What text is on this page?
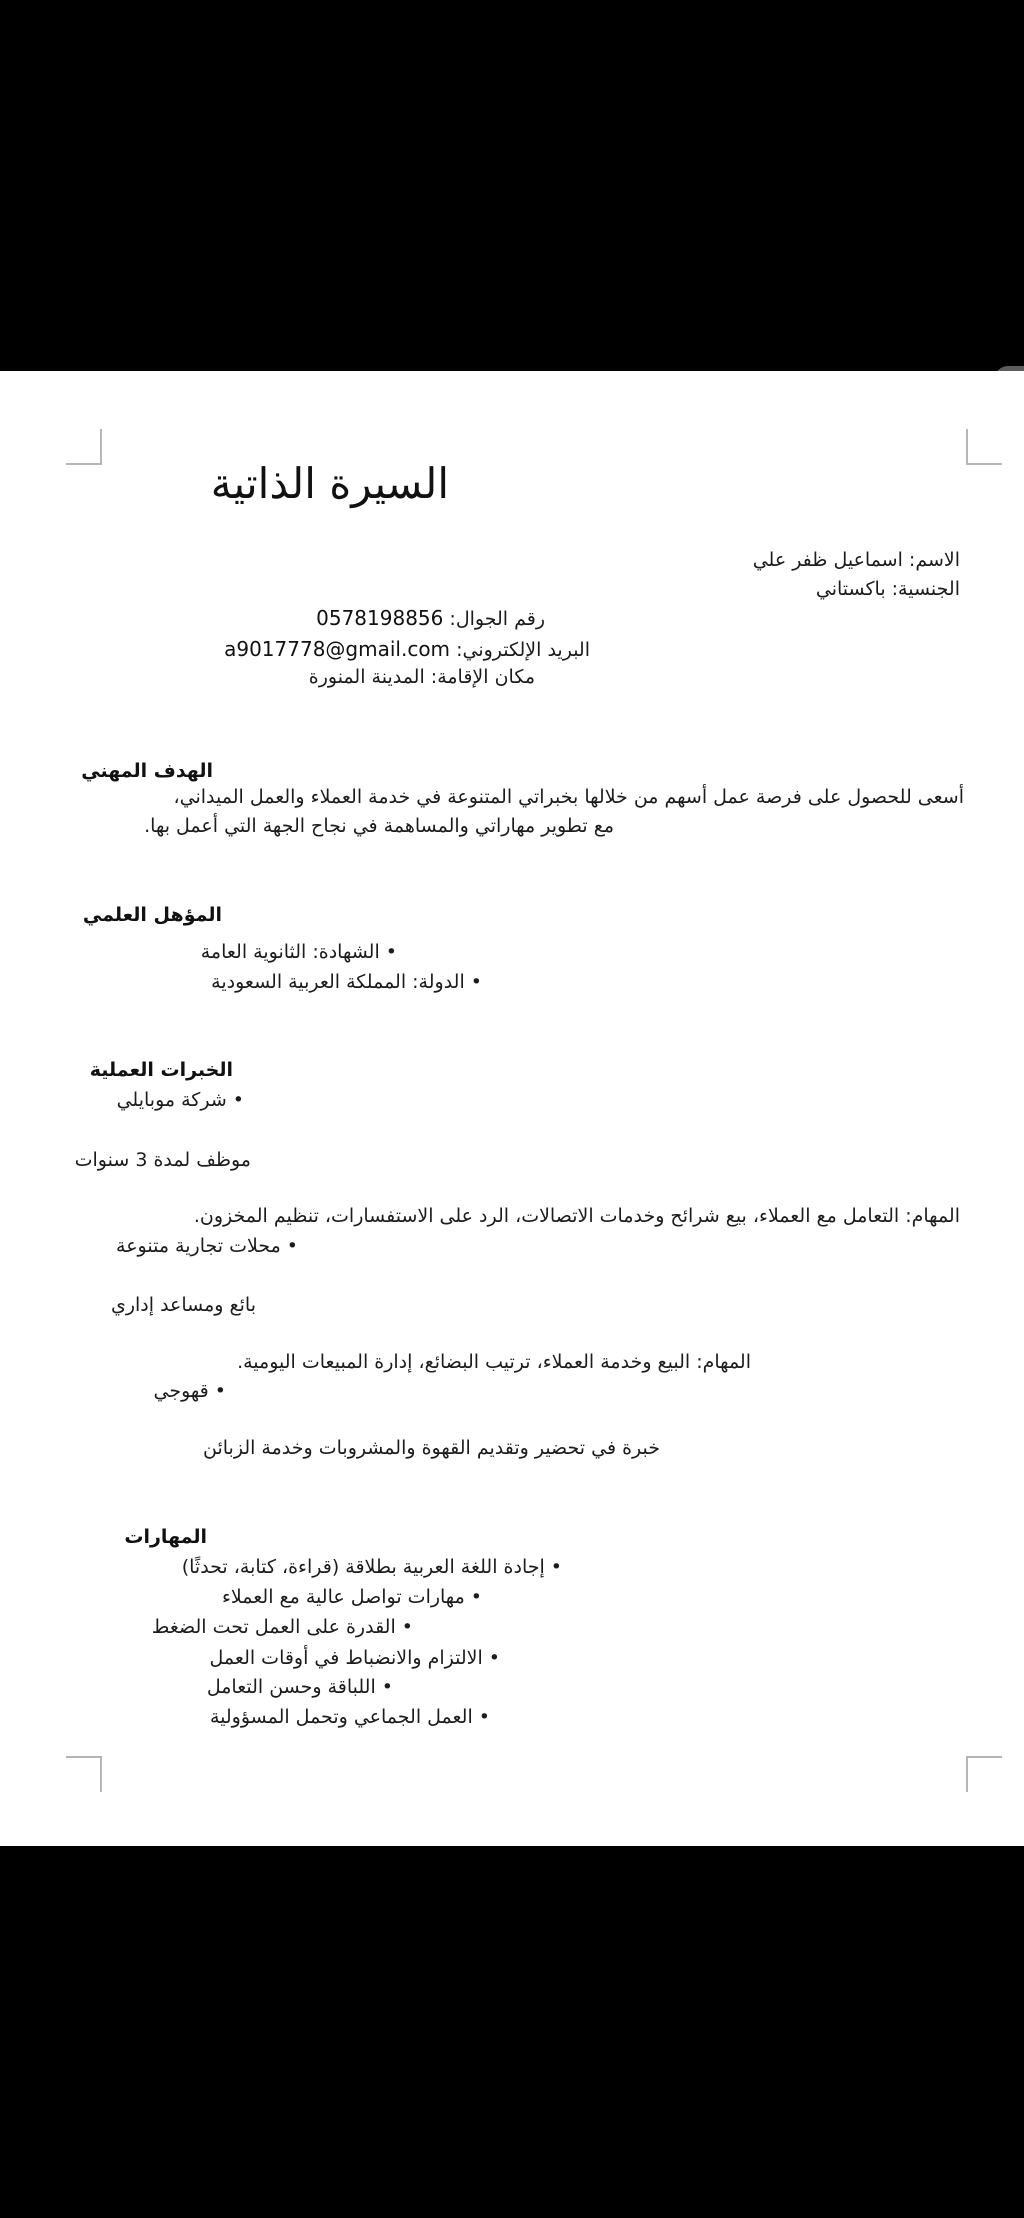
السيرة الذاتية

الاسم: اسماعيل ظفر علي

الجنسية: باكستاني

رقم الجوال: 0578198856

البريد الإلكتروني: a9017778@gmail.com

مكان الإقامة: المدينة المنورة

الهدف المهني

أسعى للحصول على فرصة عمل أسهم من خلالها بخبراتي المتنوعة في خدمة العملاء والعمل الميداني،

مع تطوير مهاراتي والمساهمة في نجاح الجهة التي أعمل بها.

المؤهل العلمي

• الشهادة: الثانوية العامة

• الدولة: المملكة العربية السعودية

الخبرات العملية

• شركة موبايلي

موظف لمدة 3 سنوات

المهام: التعامل مع العملاء، بيع شرائح وخدمات الاتصالات، الرد على الاستفسارات، تنظيم المخزون.

• محلات تجارية متنوعة

بائع ومساعد إداري

المهام: البيع وخدمة العملاء، ترتيب البضائع، إدارة المبيعات اليومية.

• قهوجي

خبرة في تحضير وتقديم القهوة والمشروبات وخدمة الزبائن

المهارات

• إجادة اللغة العربية بطلاقة (قراءة، كتابة، تحدثًا)

• مهارات تواصل عالية مع العملاء

• القدرة على العمل تحت الضغط

• الالتزام والانضباط في أوقات العمل

• اللباقة وحسن التعامل

• العمل الجماعي وتحمل المسؤولية
